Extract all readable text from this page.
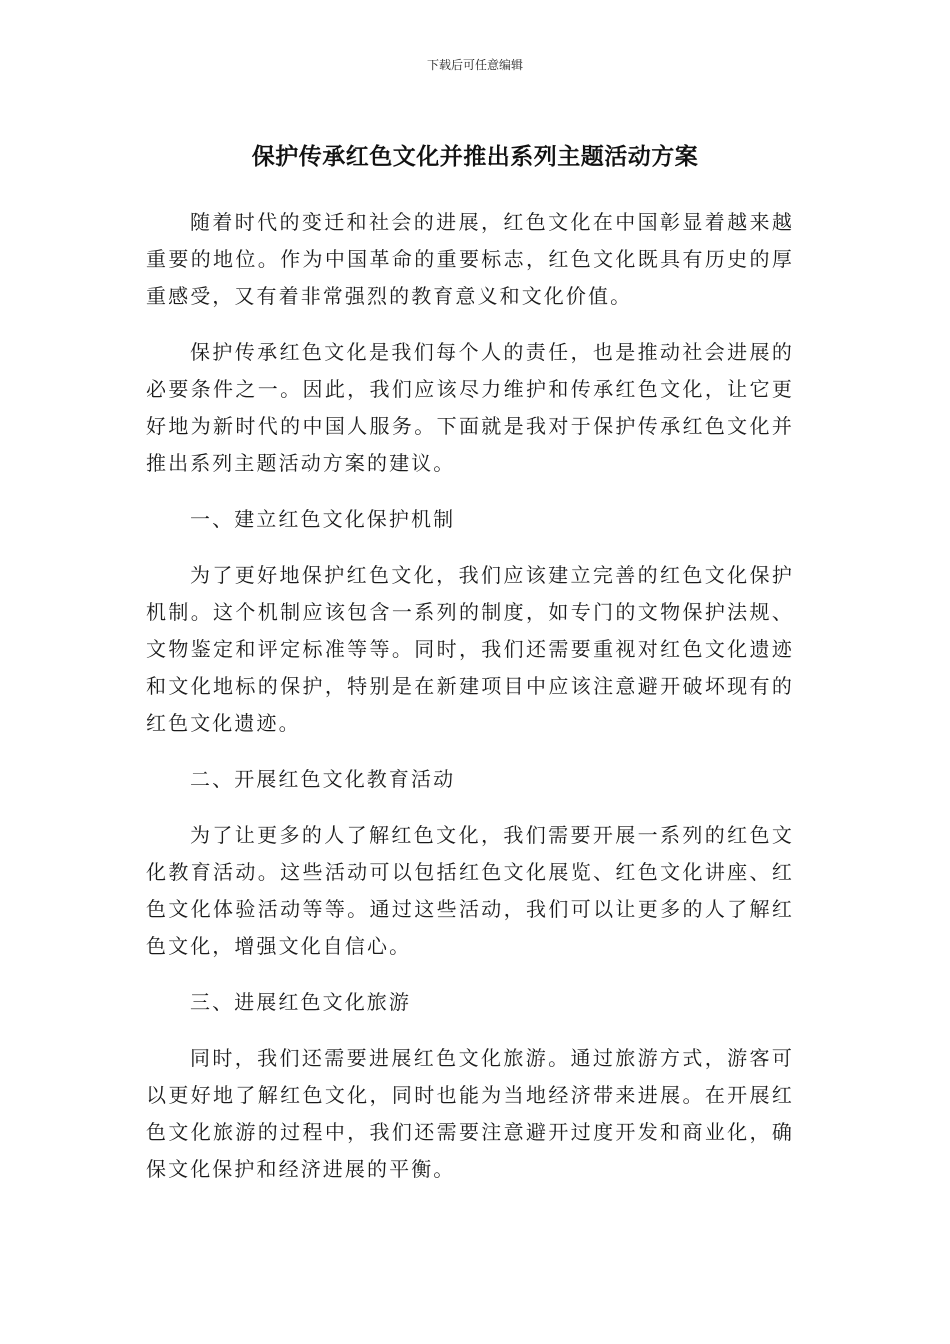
下载后可任意编辑
保护传承红色文化并推出系列主题活动方案

随着时代的变迁和社会的进展，红色文化在中国彰显着越来越重要的地位。作为中国革命的重要标志，红色文化既具有历史的厚重感受，又有着非常强烈的教育意义和文化价值。

保护传承红色文化是我们每个人的责任，也是推动社会进展的必要条件之一。因此，我们应该尽力维护和传承红色文化，让它更好地为新时代的中国人服务。下面就是我对于保护传承红色文化并推出系列主题活动方案的建议。

一、建立红色文化保护机制

为了更好地保护红色文化，我们应该建立完善的红色文化保护机制。这个机制应该包含一系列的制度，如专门的文物保护法规、文物鉴定和评定标准等等。同时，我们还需要重视对红色文化遗迹和文化地标的保护，特别是在新建项目中应该注意避开破坏现有的红色文化遗迹。

二、开展红色文化教育活动

为了让更多的人了解红色文化，我们需要开展一系列的红色文化教育活动。这些活动可以包括红色文化展览、红色文化讲座、红色文化体验活动等等。通过这些活动，我们可以让更多的人了解红色文化，增强文化自信心。

三、进展红色文化旅游

同时，我们还需要进展红色文化旅游。通过旅游方式，游客可以更好地了解红色文化，同时也能为当地经济带来进展。在开展红色文化旅游的过程中，我们还需要注意避开过度开发和商业化，确保文化保护和经济进展的平衡。
